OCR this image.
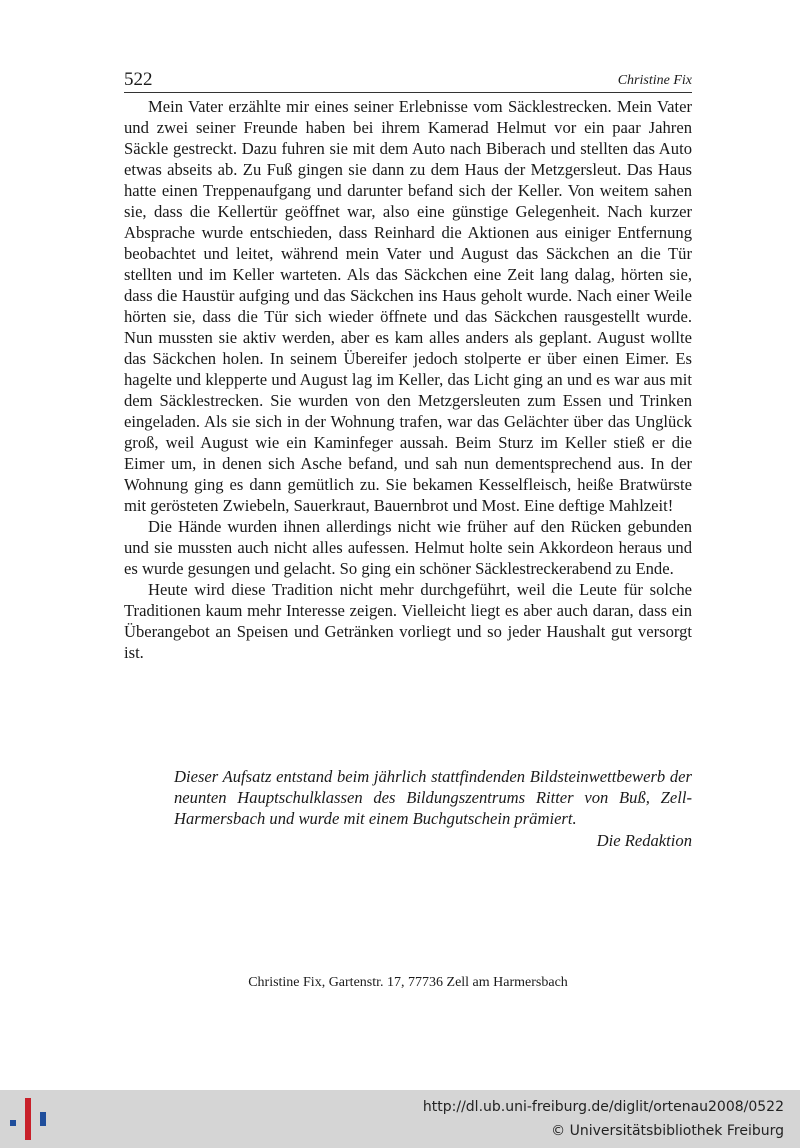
522	Christine Fix

Mein Vater erzählte mir eines seiner Erlebnisse vom Säcklestrecken. Mein Vater und zwei seiner Freunde haben bei ihrem Kamerad Helmut vor ein paar Jahren Säckle gestreckt. Dazu fuhren sie mit dem Auto nach Biberach und stellten das Auto etwas abseits ab. Zu Fuß gingen sie dann zu dem Haus der Metzgersleut. Das Haus hatte einen Treppenaufgang und darunter befand sich der Keller. Von weitem sahen sie, dass die Kellertür geöffnet war, also eine günstige Gelegenheit. Nach kurzer Absprache wurde entschieden, dass Reinhard die Aktionen aus einiger Entfernung beobachtet und leitet, während mein Vater und August das Säckchen an die Tür stellten und im Keller warteten. Als das Säckchen eine Zeit lang dalag, hörten sie, dass die Haustür aufging und das Säckchen ins Haus geholt wurde. Nach einer Weile hörten sie, dass die Tür sich wieder öffnete und das Säckchen rausgestellt wurde. Nun mussten sie aktiv werden, aber es kam alles anders als geplant. August wollte das Säckchen holen. In seinem Übereifer jedoch stolperte er über einen Eimer. Es hagelte und klepperte und August lag im Keller, das Licht ging an und es war aus mit dem Säcklestrecken. Sie wurden von den Metzgersleuten zum Essen und Trinken eingeladen. Als sie sich in der Wohnung trafen, war das Gelächter über das Unglück groß, weil August wie ein Kaminfeger aussah. Beim Sturz im Keller stieß er die Eimer um, in denen sich Asche befand, und sah nun dementsprechend aus. In der Wohnung ging es dann gemütlich zu. Sie bekamen Kesselfleisch, heiße Bratwürste mit gerösteten Zwiebeln, Sauerkraut, Bauernbrot und Most. Eine deftige Mahlzeit!

Die Hände wurden ihnen allerdings nicht wie früher auf den Rücken gebunden und sie mussten auch nicht alles aufessen. Helmut holte sein Akkordeon heraus und es wurde gesungen und gelacht. So ging ein schöner Säcklestreckerabend zu Ende.

Heute wird diese Tradition nicht mehr durchgeführt, weil die Leute für solche Traditionen kaum mehr Interesse zeigen. Vielleicht liegt es aber auch daran, dass ein Überangebot an Speisen und Getränken vorliegt und so jeder Haushalt gut versorgt ist.

Dieser Aufsatz entstand beim jährlich stattfindenden Bildsteinwettbewerb der neunten Hauptschulklassen des Bildungszentrums Ritter von Buß, Zell-Harmersbach und wurde mit einem Buchgutschein prämiert.

Die Redaktion

Christine Fix, Gartenstr. 17, 77736 Zell am Harmersbach
http://dl.ub.uni-freiburg.de/diglit/ortenau2008/0522
© Universitätsbibliothek Freiburg
